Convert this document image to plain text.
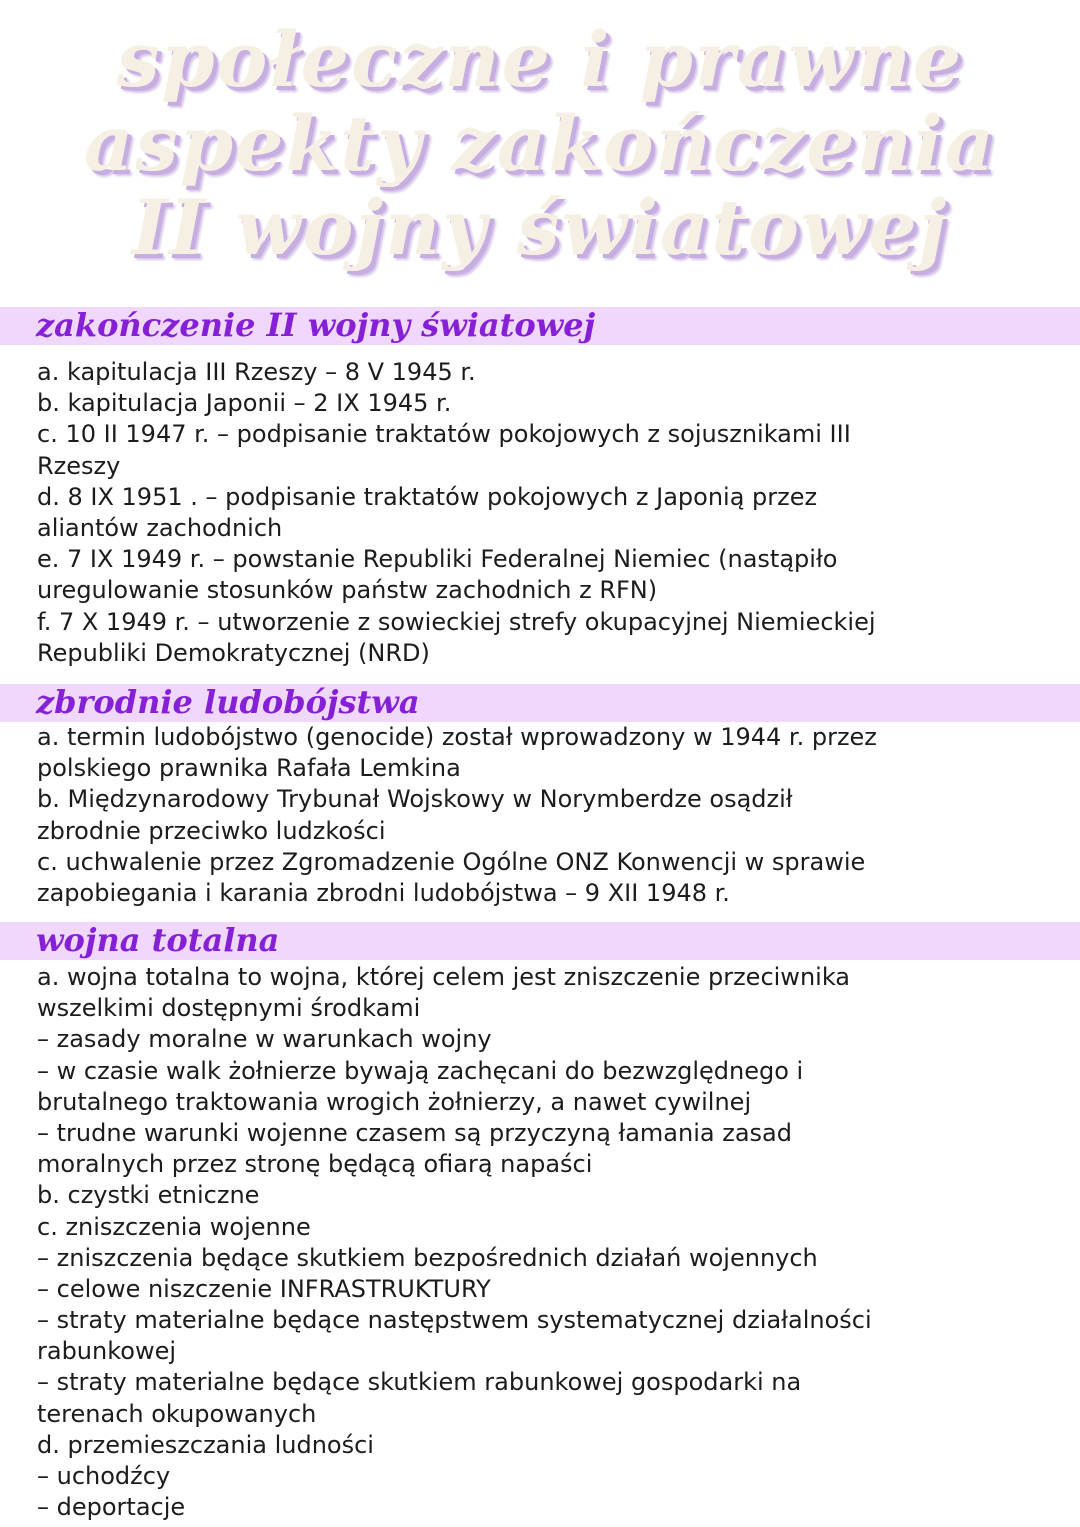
społeczne i prawne
aspekty zakończenia
II wojny światowej
zakończenie II wojny światowej
a. kapitulacja III Rzeszy – 8 V 1945 r.
b. kapitulacja Japonii – 2 IX 1945 r.
c. 10 II 1947 r. – podpisanie traktatów pokojowych z sojusznikami III
Rzeszy
d. 8 IX 1951 . – podpisanie traktatów pokojowych z Japonią przez
aliantów zachodnich
e. 7 IX 1949 r. – powstanie Republiki Federalnej Niemiec (nastąpiło
uregulowanie stosunków państw zachodnich z RFN)
f. 7 X 1949 r. – utworzenie z sowieckiej strefy okupacyjnej Niemieckiej
Republiki Demokratycznej (NRD)
zbrodnie ludobójstwa
a. termin ludobójstwo (genocide) został wprowadzony w 1944 r. przez
polskiego prawnika Rafała Lemkina
b. Międzynarodowy Trybunał Wojskowy w Norymberdze osądził
zbrodnie przeciwko ludzkości
c. uchwalenie przez Zgromadzenie Ogólne ONZ Konwencji w sprawie
zapobiegania i karania zbrodni ludobójstwa – 9 XII 1948 r.
wojna totalna
a. wojna totalna to wojna, której celem jest zniszczenie przeciwnika
wszelkimi dostępnymi środkami
– zasady moralne w warunkach wojny
– w czasie walk żołnierze bywają zachęcani do bezwzględnego i
brutalnego traktowania wrogich żołnierzy, a nawet cywilnej
– trudne warunki wojenne czasem są przyczyną łamania zasad
moralnych przez stronę będącą ofiarą napaści
b. czystki etniczne
c. zniszczenia wojenne
– zniszczenia będące skutkiem bezpośrednich działań wojennych
– celowe niszczenie INFRASTRUKTURY
– straty materialne będące następstwem systematycznej działalności
rabunkowej
– straty materialne będące skutkiem rabunkowej gospodarki na
terenach okupowanych
d. przemieszczania ludności
– uchodźcy
– deportacje
